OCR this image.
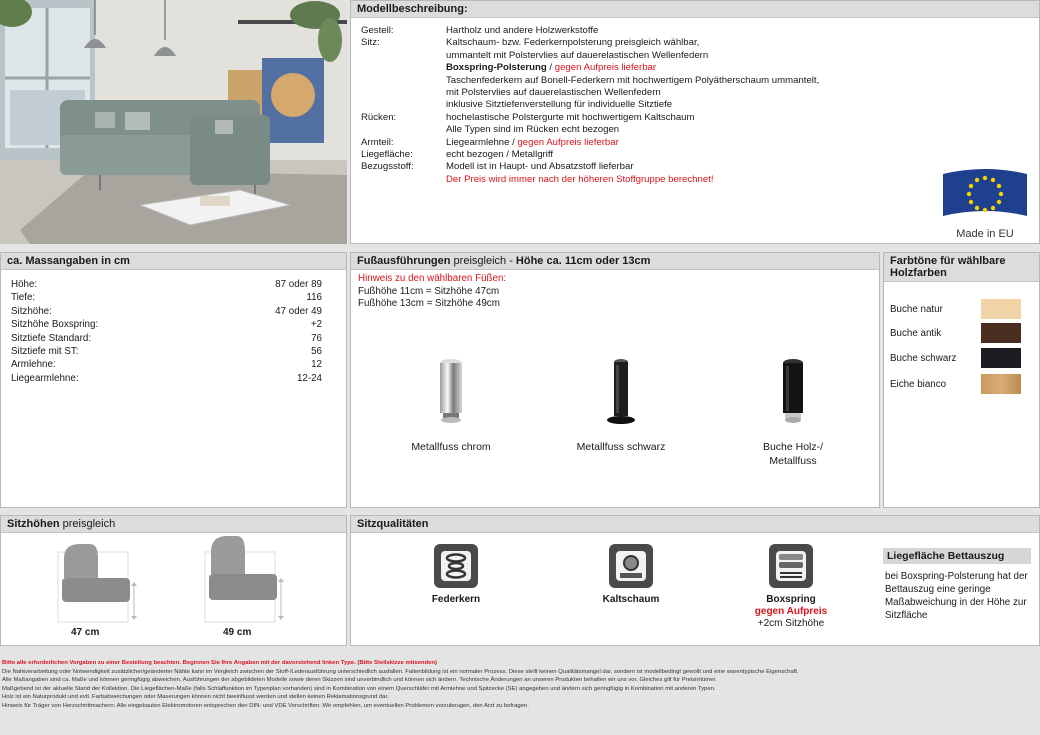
Modellbeschreibung:
Gestell:	Hartholz und andere Holzwerkstoffe
Sitz:	Kaltschaum- bzw. Federkernpolsterung preisgleich wählbar,
ummantelt mit Polstervlies auf dauerelastischen Wellenfedern
Boxspring-Polsterung / gegen Aufpreis lieferbar
Taschenfederkern auf Bonell-Federkern mit hochwertigem Polyätherschaum ummantelt,
mit Polstervlies auf dauerelastischen Wellenfedern
inklusive Sitztiefenverstellung für individuelle Sitztiefe
Rücken:	hochelastische Polstergurte mit hochwertigem Kaltschaum
Alle Typen sind im Rücken echt bezogen
Armteil:	Liegearmlehne / gegen Aufpreis lieferbar
Liegefläche:	echt bezogen / Metallgriff
Bezugsstoff:	Modell ist in Haupt- und Absatzstoff lieferbar
Der Preis wird immer nach der höheren Stoffgruppe berechnet!
Made in EU
ca. Massangaben in cm
Höhe:	87 oder 89
Tiefe:	116
Sitzhöhe:	47 oder 49
Sitzhöhe Boxspring:	+2
Sitztiefe Standard:	76
Sitztiefe mit ST:	56
Armlehne:	12
Liegearmlehne:	12-24
Fußausführungen preisgleich - Höhe ca. 11cm oder 13cm
Hinweis zu den wählbaren Füßen:
Fußhöhe 11cm = Sitzhöhe 47cm
Fußhöhe 13cm = Sitzhöhe 49cm
Metallfuss chrom	Metallfuss schwarz	Buche Holz-/
Metallfuss
Farbtöne für wählbare Holzfarben
Buche natur
Buche antik
Buche schwarz
Eiche bianco
Sitzhöhen preisgleich
47 cm	49 cm
Sitzqualitäten
Federkern	Kaltschaum	Boxspring
gegen Aufpreis
+2cm Sitzhöhe
Liegefläche Bettauszug
bei Boxspring-Polsterung hat der Bettauszug eine geringe Maßabweichung in der Höhe zur Sitzfläche
Bitte alle erforderlichen Vorgaben zu einer Bestellung beachten. Beginnen Sie Ihre Angaben mit der davorstehend linken Type. (Bitte Stellskizze mitsenden)
Die Nahtverarbeitung oder Notwendigkeit zusätzlicher/geänderter Nähte kann im Vergleich zwischen der Stoff-/Lederausführung unterschiedlich ausfallen. Faltenbildung ist ein normaler Prozess. Diese stellt keinen Qualitätsmangel dar, sondern ist modellbedingt gewollt und eine warentypische Eigenschaft.
Alle Maßangaben sind ca. Maße und können geringfügig abweichen. Ausführungen der abgebildeten Modelle sowie deren Skizzen sind unverbindlich und können sich ändern. Technische Änderungen an unseren Produkten behalten wir uns vor. Gleiches gilt für Preisirrtümer.
Maßgebend ist der aktuelle Stand der Kollektion. Die Liegeflächen-Maße (falls Schlaffunktion im Typenplan vorhanden) sind in Kombination von einem Querschläfer mit Armlehne und Spitzecke (SE) angegeben und ändern sich geringfügig in Kombination mit anderen Typen.
Holz ist ein Naturprodukt und evtl. Farbabweichungen oder Maserungen können nicht beeinflusst werden und stellen keinen Reklamationsgrund dar.
Hinweis für Träger von Herzschrittmachern: Alle eingebauten Elektromotoren entsprechen den DIN- und VDE Vorschriften. Wir empfehlen, um eventuellen Problemen vorzubeugen, den Arzt zu befragen.
